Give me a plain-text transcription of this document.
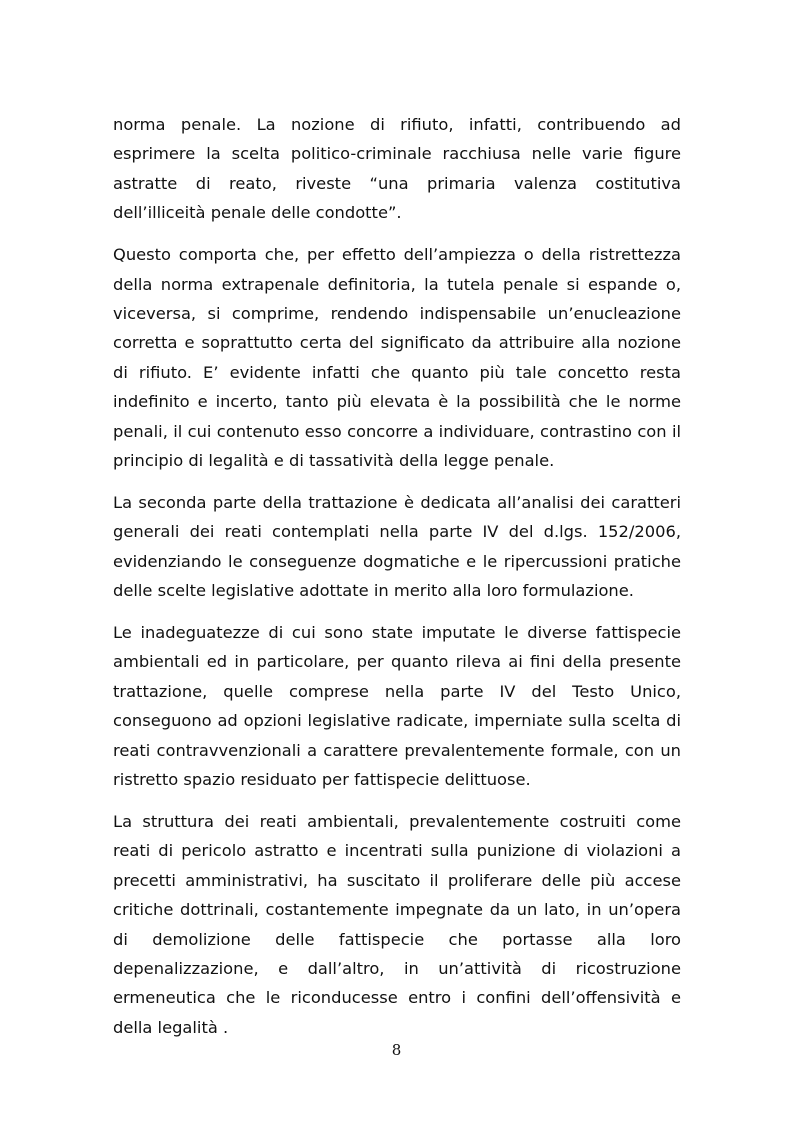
norma penale. La nozione di rifiuto, infatti, contribuendo ad esprimere la scelta politico-criminale racchiusa nelle varie figure astratte di reato, riveste “una primaria valenza costitutiva dell’illiceità penale delle condotte”.

Questo comporta che, per effetto dell’ampiezza o della ristrettezza della norma extrapenale definitoria, la tutela penale si espande o, viceversa, si comprime, rendendo indispensabile un’enucleazione corretta e soprattutto certa del significato da attribuire alla nozione di rifiuto. E’ evidente infatti che quanto più tale concetto resta indefinito e incerto, tanto più elevata è la possibilità che le norme penali, il cui contenuto esso concorre a individuare, contrastino con il principio di legalità e di tassatività della legge penale.

La seconda parte della trattazione è dedicata all’analisi dei caratteri generali dei reati contemplati nella parte IV del d.lgs. 152/2006, evidenziando le conseguenze dogmatiche e le ripercussioni pratiche delle scelte legislative adottate in merito alla loro formulazione.

Le inadeguatezze di cui sono state imputate le diverse fattispecie ambientali ed in particolare, per quanto rileva ai fini della presente trattazione, quelle comprese nella parte IV del Testo Unico, conseguono ad opzioni legislative radicate, imperniate sulla scelta di reati contravvenzionali a carattere prevalentemente formale, con un ristretto spazio residuato per fattispecie delittuose.

La struttura dei reati ambientali, prevalentemente costruiti come reati di pericolo astratto e incentrati sulla punizione di violazioni a precetti amministrativi, ha suscitato il proliferare delle più accese critiche dottrinali, costantemente impegnate da un lato, in un’opera di demolizione delle fattispecie che portasse alla loro depenalizzazione, e dall’altro, in un’attività di ricostruzione ermeneutica che le riconducesse entro i confini dell’offensività e della legalità .

8
